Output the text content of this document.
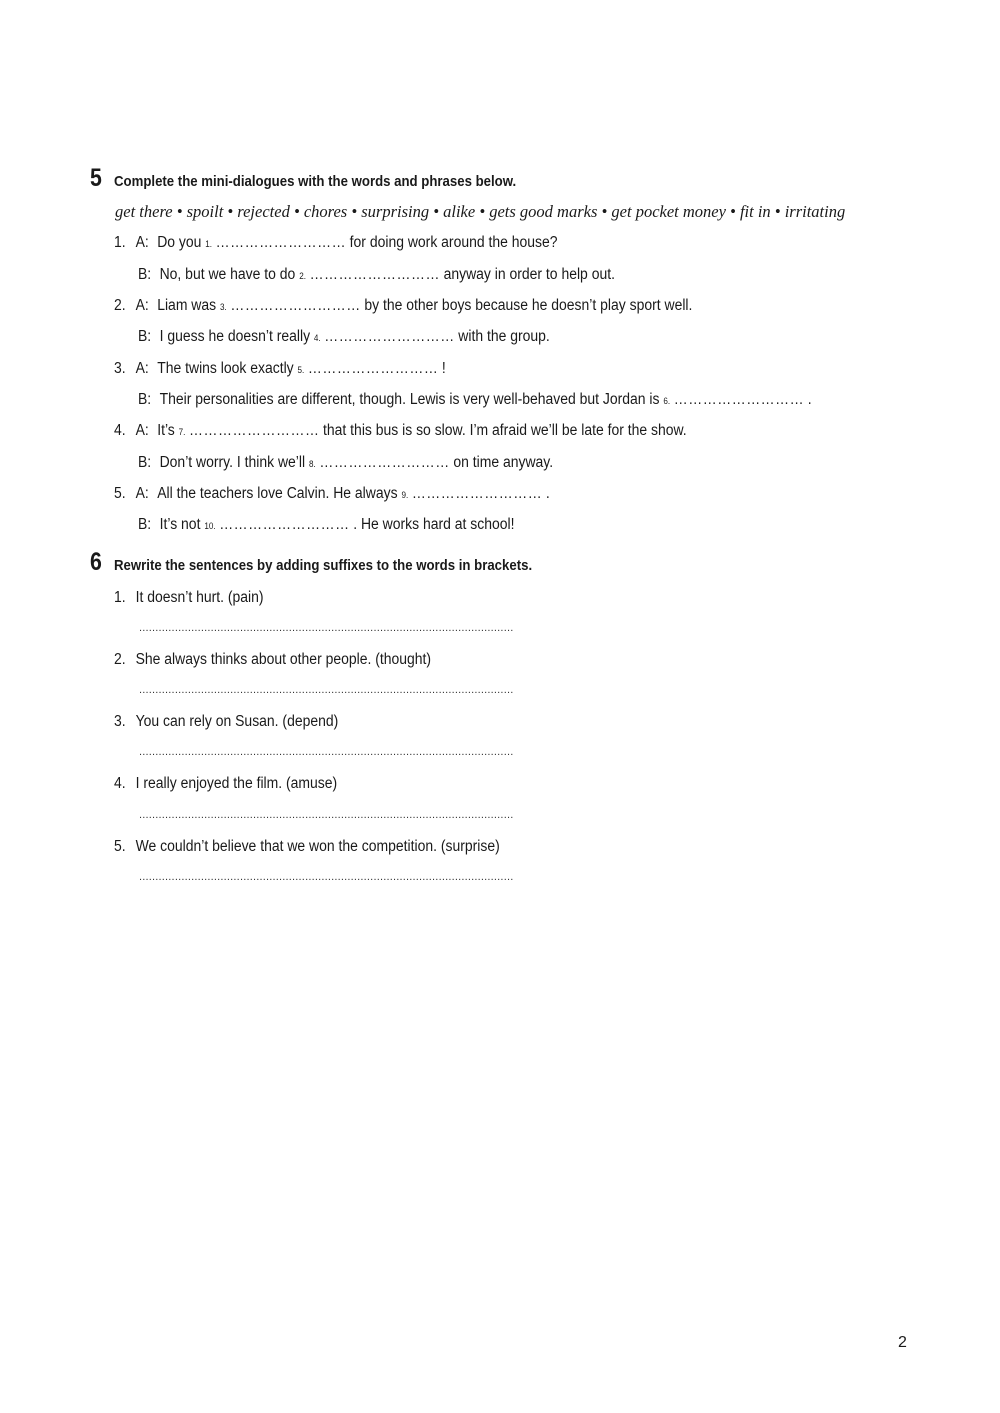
5 Complete the mini-dialogues with the words and phrases below.
get there • spoilt • rejected • chores • surprising • alike • gets good marks • get pocket money • fit in • irritating
1. A: Do you
1. ……………………… for doing work around the house?
B: No, but we have to do
2. ……………………… anyway in order to help out.
2. A: Liam was
3. ……………………… by the other boys because he doesn’t play sport well.
B: I guess he doesn’t really
4. ……………………… with the group.
3. A: The twins look exactly
5. ……………………… !
B: Their personalities are different, though. Lewis is very well-behaved but Jordan is
6. ……………………… .
4. A: It’s
7. ……………………… that this bus is so slow. I’m afraid we’ll be late for the show.
B: Don’t worry. I think we’ll
8. ……………………… on time anyway.
5. A: All the teachers love Calvin. He always
9. ……………………… .
B: It’s not
10. ……………………… . He works hard at school!
6 Rewrite the sentences by adding suffixes to the words in brackets.
1. It doesn’t hurt. (pain)
...................................................................................................................
2. She always thinks about other people. (thought)
...................................................................................................................
3. You can rely on Susan. (depend)
...................................................................................................................
4. I really enjoyed the film. (amuse)
...................................................................................................................
5. We couldn’t believe that we won the competition. (surprise)
...................................................................................................................
2
